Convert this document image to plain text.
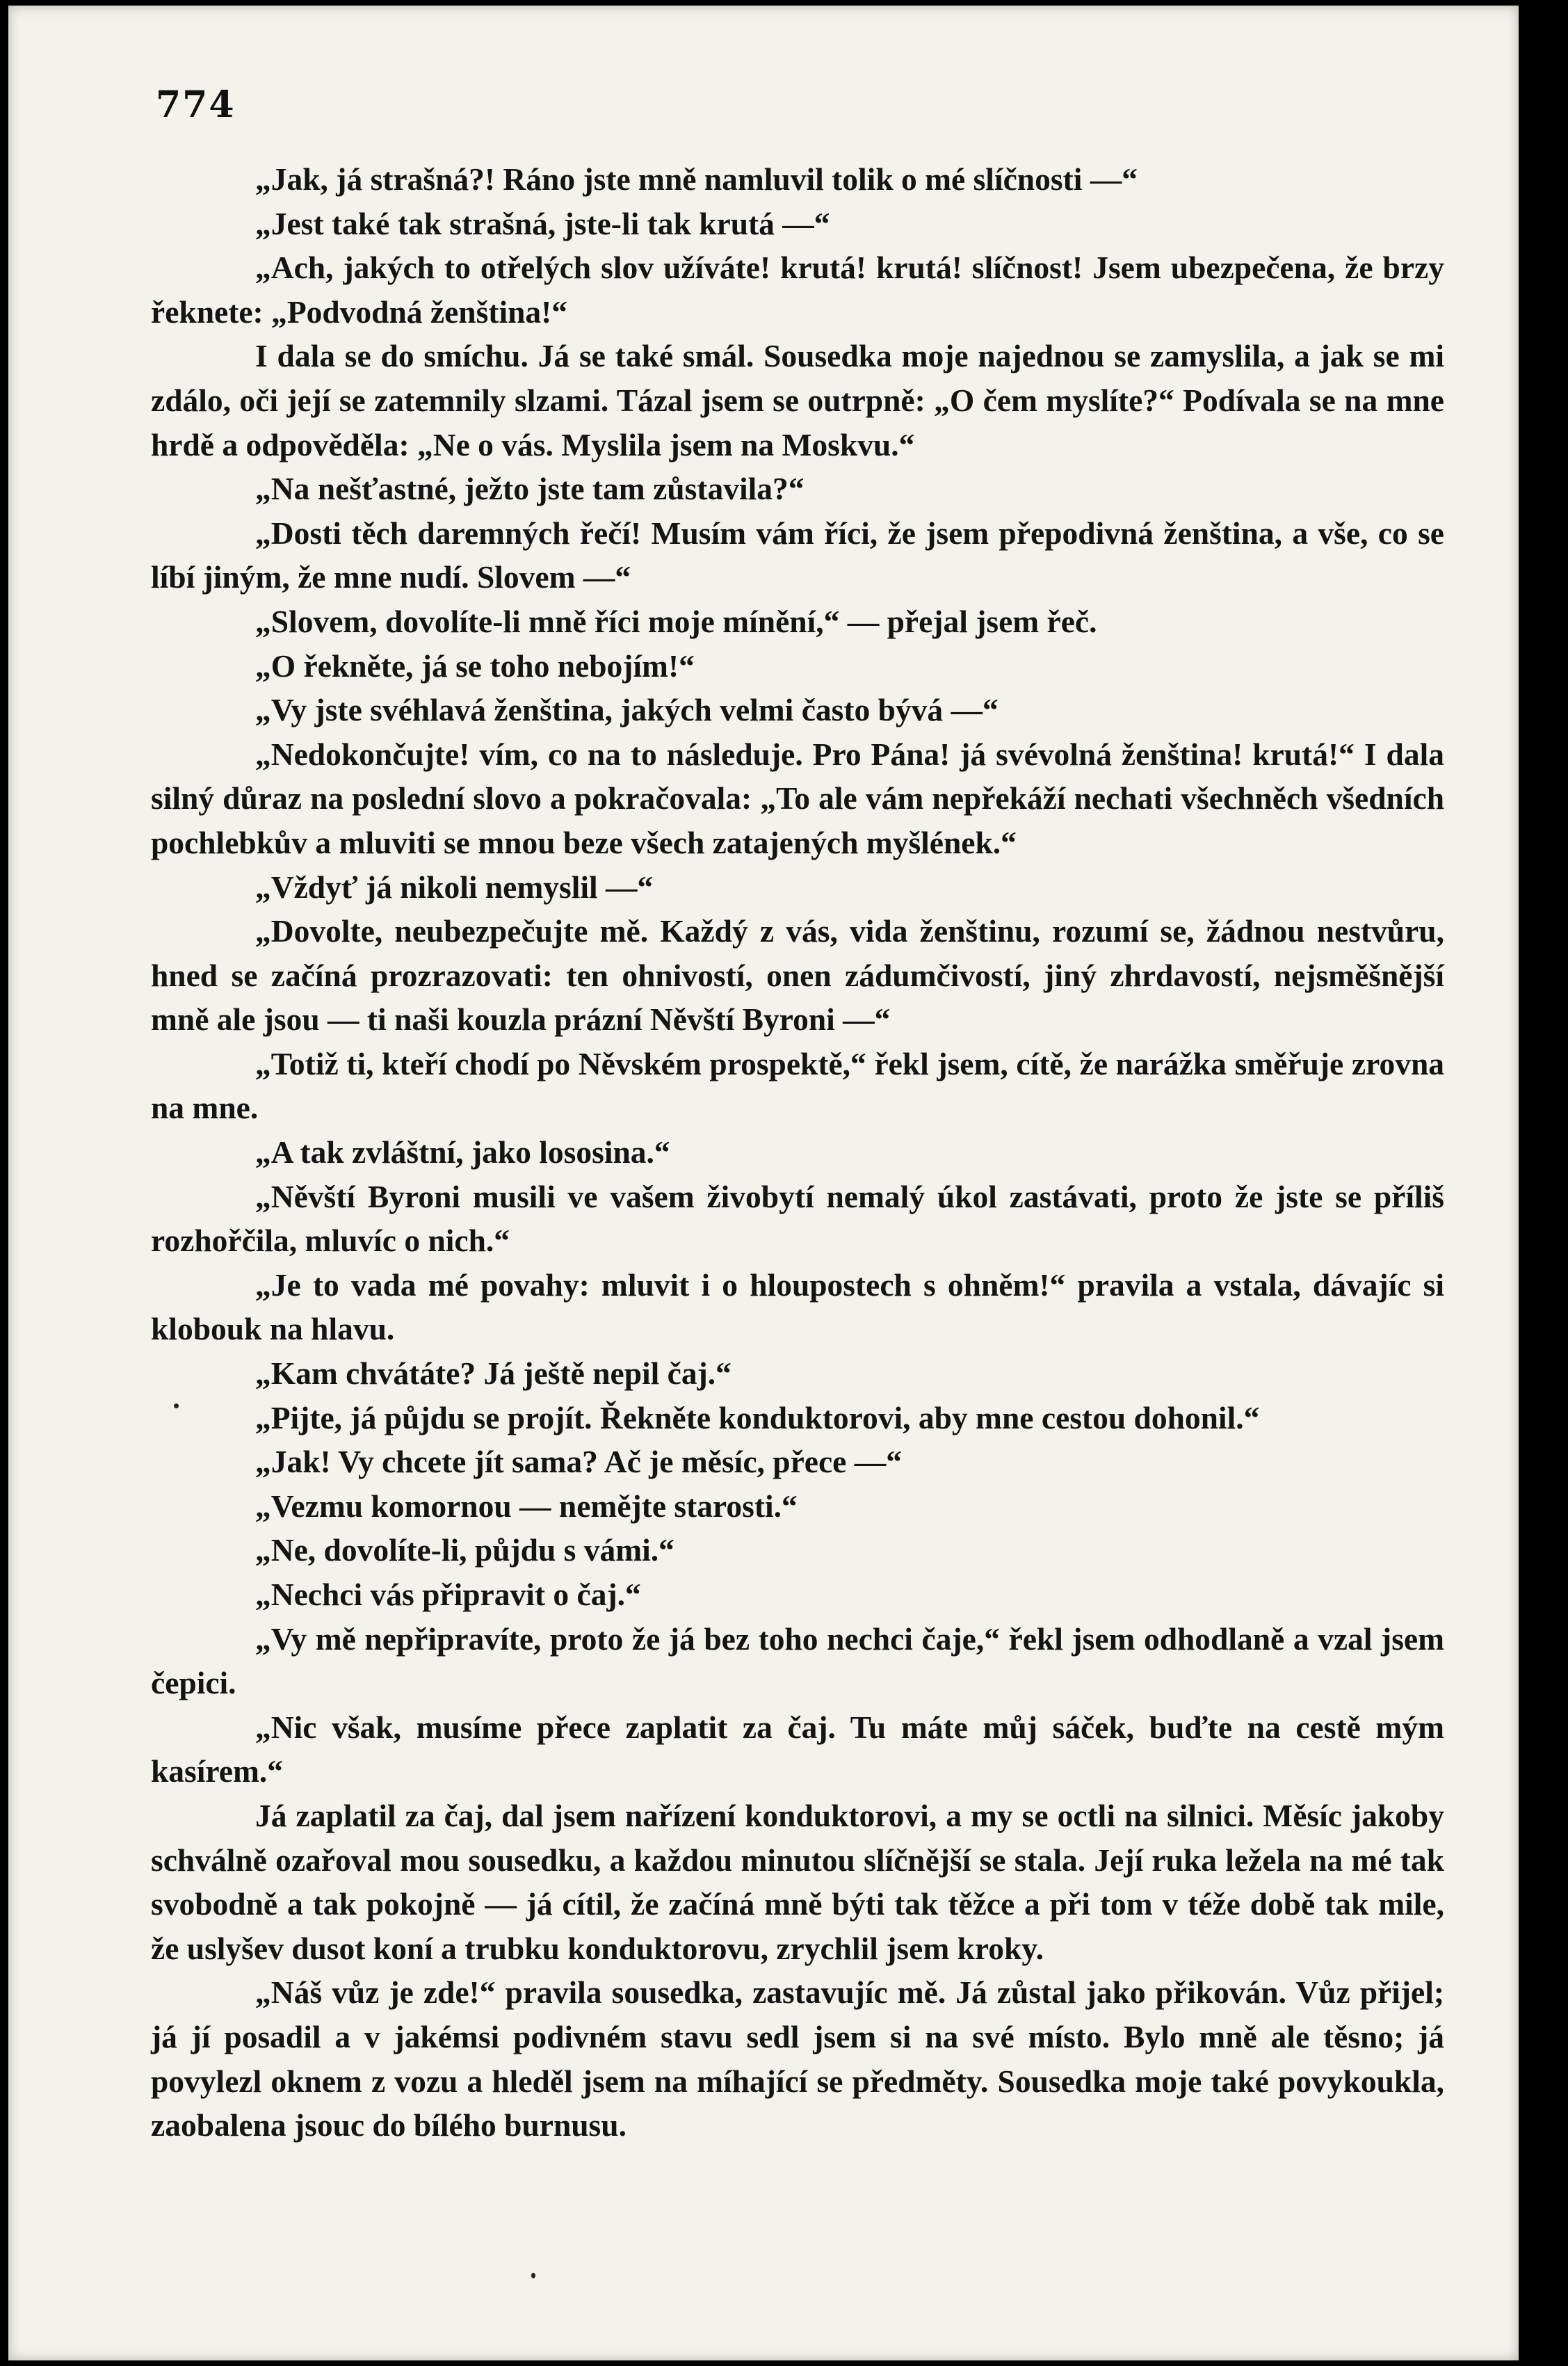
774

„Jak, já strašná?! Ráno jste mně namluvil tolik o mé slíčnosti —“

„Jest také tak strašná, jste-li tak krutá —“

„Ach, jakých to otřelých slov užíváte! krutá! krutá! slíčnost! Jsem ubezpečena, že brzy řeknete: „Podvodná ženština!“

I dala se do smíchu. Já se také smál. Sousedka moje najednou se zamyslila, a jak se mi zdálo, oči její se zatemnily slzami. Tázal jsem se outrpně: „O čem myslíte?“ Podívala se na mne hrdě a odpověděla: „Ne o vás. Myslila jsem na Moskvu.“

„Na nešťastné, ježto jste tam zůstavila?“

„Dosti těch daremných řečí! Musím vám říci, že jsem přepodivná ženština, a vše, co se líbí jiným, že mne nudí. Slovem —“

„Slovem, dovolíte-li mně říci moje mínění,“ — přejal jsem řeč.

„O řekněte, já se toho nebojím!“

„Vy jste svéhlavá ženština, jakých velmi často bývá —“

„Nedokončujte! vím, co na to následuje. Pro Pána! já svévolná ženština! krutá!“ I dala silný důraz na poslední slovo a pokračovala: „To ale vám nepřekáží nechati všechněch všedních pochlebkův a mluviti se mnou beze všech zatajených myšlének.“

„Vždyť já nikoli nemyslil —“

„Dovolte, neubezpečujte mě. Každý z vás, vida ženštinu, rozumí se, žádnou nestvůru, hned se začíná prozrazovati: ten ohnivostí, onen zádumčivostí, jiný zhrdavostí, nejsměšnější mně ale jsou — ti naši kouzla prázní Něvští Byroni —“

„Totiž ti, kteří chodí po Něvském prospektě,“ řekl jsem, cítě, že narážka směřuje zrovna na mne.

„A tak zvláštní, jako lososina.“

„Něvští Byroni musili ve vašem živobytí nemalý úkol zastávati, proto že jste se příliš rozhořčila, mluvíc o nich.“

„Je to vada mé povahy: mluvit i o hloupostech s ohněm!“ pravila a vstala, dávajíc si klobouk na hlavu.

„Kam chvátáte? Já ještě nepil čaj.“

„Pijte, já půjdu se projít. Řekněte konduktorovi, aby mne cestou dohonil.“

„Jak! Vy chcete jít sama? Ač je měsíc, přece —“

„Vezmu komornou — nemějte starosti.“

„Ne, dovolíte-li, půjdu s vámi.“

„Nechci vás připravit o čaj.“

„Vy mě nepřipravíte, proto že já bez toho nechci čaje,“ řekl jsem odhodlaně a vzal jsem čepici.

„Nic však, musíme přece zaplatit za čaj. Tu máte můj sáček, buďte na cestě mým kasírem.“

Já zaplatil za čaj, dal jsem nařízení konduktorovi, a my se octli na silnici. Měsíc jakoby schválně ozařoval mou sousedku, a každou minutou slíčnější se stala. Její ruka ležela na mé tak svobodně a tak pokojně — já cítil, že začíná mně býti tak těžce a při tom v téže době tak mile, že uslyšev dusot koní a trubku konduktorovu, zrychlil jsem kroky.

„Náš vůz je zde!“ pravila sousedka, zastavujíc mě. Já zůstal jako přikován. Vůz přijel; já jí posadil a v jakémsi podivném stavu sedl jsem si na své místo. Bylo mně ale těsno; já povylezl oknem z vozu a hleděl jsem na míhající se předměty. Sousedka moje také povykoukla, zaobalena jsouc do bílého burnusu.
